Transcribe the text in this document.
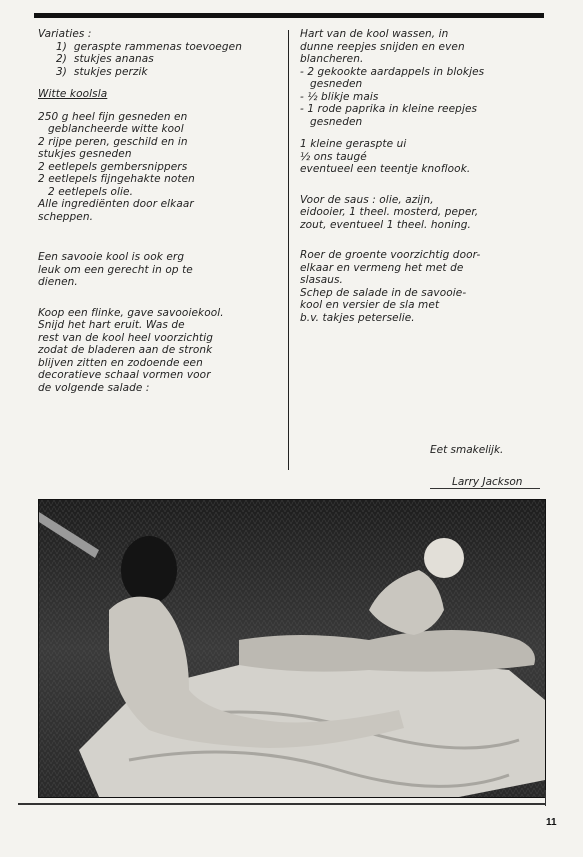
Variaties :
1) geraspte rammenas toevoegen
2) stukjes ananas
3) stukjes perzik
Witte koolsla
250 g heel fijn gesneden en
geblancheerde witte kool
2 rijpe peren, geschild en in
stukjes gesneden
2 eetlepels gembersnippers
2 eetlepels fijngehakte noten
2 eetlepels olie.
Alle ingrediënten door elkaar
scheppen.
Een savooie kool is ook erg
leuk om een gerecht in op te
dienen.
Koop een flinke, gave savooiekool.
Snijd het hart eruit. Was de
rest van de kool heel voorzichtig
zodat de bladeren aan de stronk
blijven zitten en zodoende een
decoratieve schaal vormen voor
de volgende salade :
Hart van de kool wassen, in
dunne reepjes snijden en even
blancheren.
- 2 gekookte aardappels in blokjes
gesneden
- ½ blikje mais
- 1 rode paprika in kleine reepjes
gesneden
1 kleine geraspte ui
½ ons taugé
eventueel een teentje knoflook.
Voor de saus : olie, azijn,
eidooier, 1 theel. mosterd, peper,
zout, eventueel 1 theel. honing.
Roer de groente voorzichtig door-
elkaar en vermeng het met de
slasaus.
Schep de salade in de savooie-
kool en versier de sla met
b.v. takjes peterselie.
Eet smakelijk.
Larry Jackson
11
